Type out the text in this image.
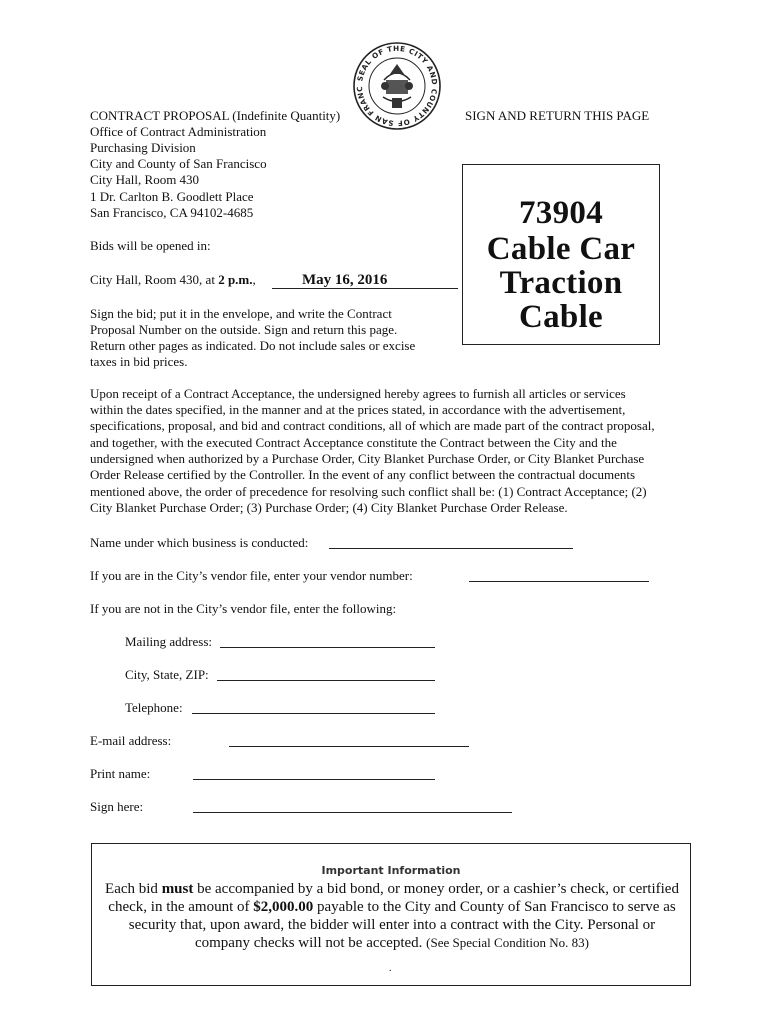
SEAL OF THE CITY AND COUNTY OF SAN FRANC
CONTRACT PROPOSAL (Indefinite Quantity)
Office of Contract Administration
Purchasing Division
City and County of San Francisco
City Hall, Room 430
1 Dr. Carlton B. Goodlett Place
San Francisco, CA 94102-4685
SIGN AND RETURN THIS PAGE
Bids will be opened in:
City Hall, Room 430, at 2 p.m.,	May 16, 2016
Sign the bid; put it in the envelope, and write the Contract
Proposal Number on the outside. Sign and return this page.
Return other pages as indicated. Do not include sales or excise
taxes in bid prices.
73904
Cable Car
Traction
Cable
Upon receipt of a Contract Acceptance, the undersigned hereby agrees to furnish all articles or services
within the dates specified, in the manner and at the prices stated, in accordance with the advertisement,
specifications, proposal, and bid and contract conditions, all of which are made part of the contract proposal,
and together, with the executed Contract Acceptance constitute the Contract between the City and the
undersigned when authorized by a Purchase Order, City Blanket Purchase Order, or City Blanket Purchase
Order Release certified by the Controller. In the event of any conflict between the contractual documents
mentioned above, the order of precedence for resolving such conflict shall be: (1) Contract Acceptance; (2)
City Blanket Purchase Order; (3) Purchase Order; (4) City Blanket Purchase Order Release.
Name under which business is conducted:
If you are in the City’s vendor file, enter your vendor number:
If you are not in the City’s vendor file, enter the following:
Mailing address:
City, State, ZIP:
Telephone:
E-mail address:
Print name:
Sign here:
Important Information
Each bid must be accompanied by a bid bond, or money order, or a cashier’s check, or certified check, in the amount of $2,000.00 payable to the City and County of San Francisco to serve as security that, upon award, the bidder will enter into a contract with the City. Personal or company checks will not be accepted. (See Special Condition No. 83)
.
